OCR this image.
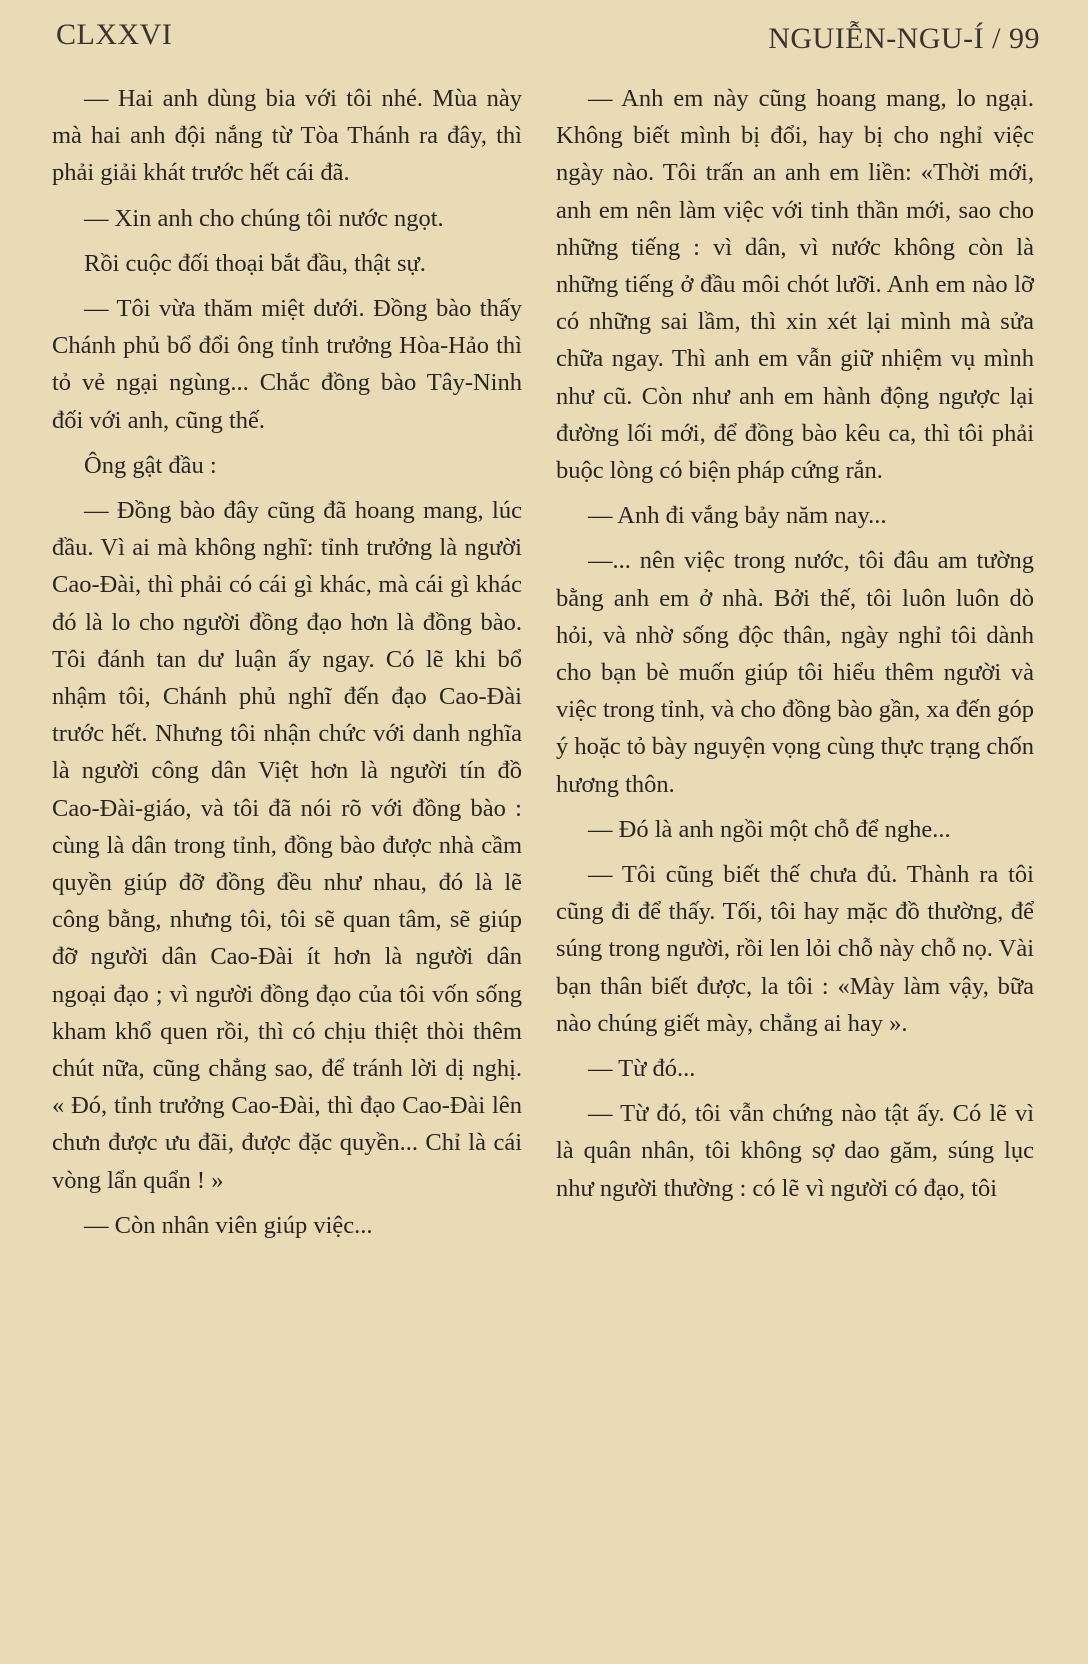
CLXXVI	NGUIỄN-NGU-Í / 99

— Hai anh dùng bia với tôi nhé. Mùa này mà hai anh đội nắng từ Tòa Thánh ra đây, thì phải giải khát trước hết cái đã.

— Xin anh cho chúng tôi nước ngọt.

Rồi cuộc đối thoại bắt đầu, thật sự.

— Tôi vừa thăm miệt dưới. Đồng bào thấy Chánh phủ bổ đổi ông tỉnh trưởng Hòa-Hảo thì tỏ vẻ ngại ngùng... Chắc đồng bào Tây-Ninh đối với anh, cũng thế.

Ông gật đầu :

— Đồng bào đây cũng đã hoang mang, lúc đầu. Vì ai mà không nghĩ: tỉnh trưởng là người Cao-Đài, thì phải có cái gì khác, mà cái gì khác đó là lo cho người đồng đạo hơn là đồng bào. Tôi đánh tan dư luận ấy ngay. Có lẽ khi bổ nhậm tôi, Chánh phủ nghĩ đến đạo Cao-Đài trước hết. Nhưng tôi nhận chức với danh nghĩa là người công dân Việt hơn là người tín đồ Cao-Đài-giáo, và tôi đã nói rõ với đồng bào : cùng là dân trong tỉnh, đồng bào được nhà cầm quyền giúp đỡ đồng đều như nhau, đó là lẽ công bằng, nhưng tôi, tôi sẽ quan tâm, sẽ giúp đỡ người dân Cao-Đài ít hơn là người dân ngoại đạo ; vì người đồng đạo của tôi vốn sống kham khổ quen rồi, thì có chịu thiệt thòi thêm chút nữa, cũng chẳng sao, để tránh lời dị nghị. « Đó, tỉnh trưởng Cao-Đài, thì đạo Cao-Đài lên chưn được ưu đãi, được đặc quyền... Chỉ là cái vòng lẩn quẩn ! »

— Còn nhân viên giúp việc...

— Anh em này cũng hoang mang, lo ngại. Không biết mình bị đổi, hay bị cho nghỉ việc ngày nào. Tôi trấn an anh em liền: «Thời mới, anh em nên làm việc với tinh thần mới, sao cho những tiếng : vì dân, vì nước không còn là những tiếng ở đầu môi chót lưỡi. Anh em nào lỡ có những sai lầm, thì xin xét lại mình mà sửa chữa ngay. Thì anh em vẫn giữ nhiệm vụ mình như cũ. Còn như anh em hành động ngược lại đường lối mới, để đồng bào kêu ca, thì tôi phải buộc lòng có biện pháp cứng rắn.

— Anh đi vắng bảy năm nay...

—... nên việc trong nước, tôi đâu am tường bằng anh em ở nhà. Bởi thế, tôi luôn luôn dò hỏi, và nhờ sống độc thân, ngày nghỉ tôi dành cho bạn bè muốn giúp tôi hiểu thêm người và việc trong tỉnh, và cho đồng bào gần, xa đến góp ý hoặc tỏ bày nguyện vọng cùng thực trạng chốn hương thôn.

— Đó là anh ngồi một chỗ để nghe...

— Tôi cũng biết thế chưa đủ. Thành ra tôi cũng đi để thấy. Tối, tôi hay mặc đồ thường, để súng trong người, rồi len lỏi chỗ này chỗ nọ. Vài bạn thân biết được, la tôi : «Mày làm vậy, bữa nào chúng giết mày, chẳng ai hay ».

— Từ đó...

— Từ đó, tôi vẫn chứng nào tật ấy. Có lẽ vì là quân nhân, tôi không sợ dao găm, súng lục như người thường : có lẽ vì người có đạo, tôi
